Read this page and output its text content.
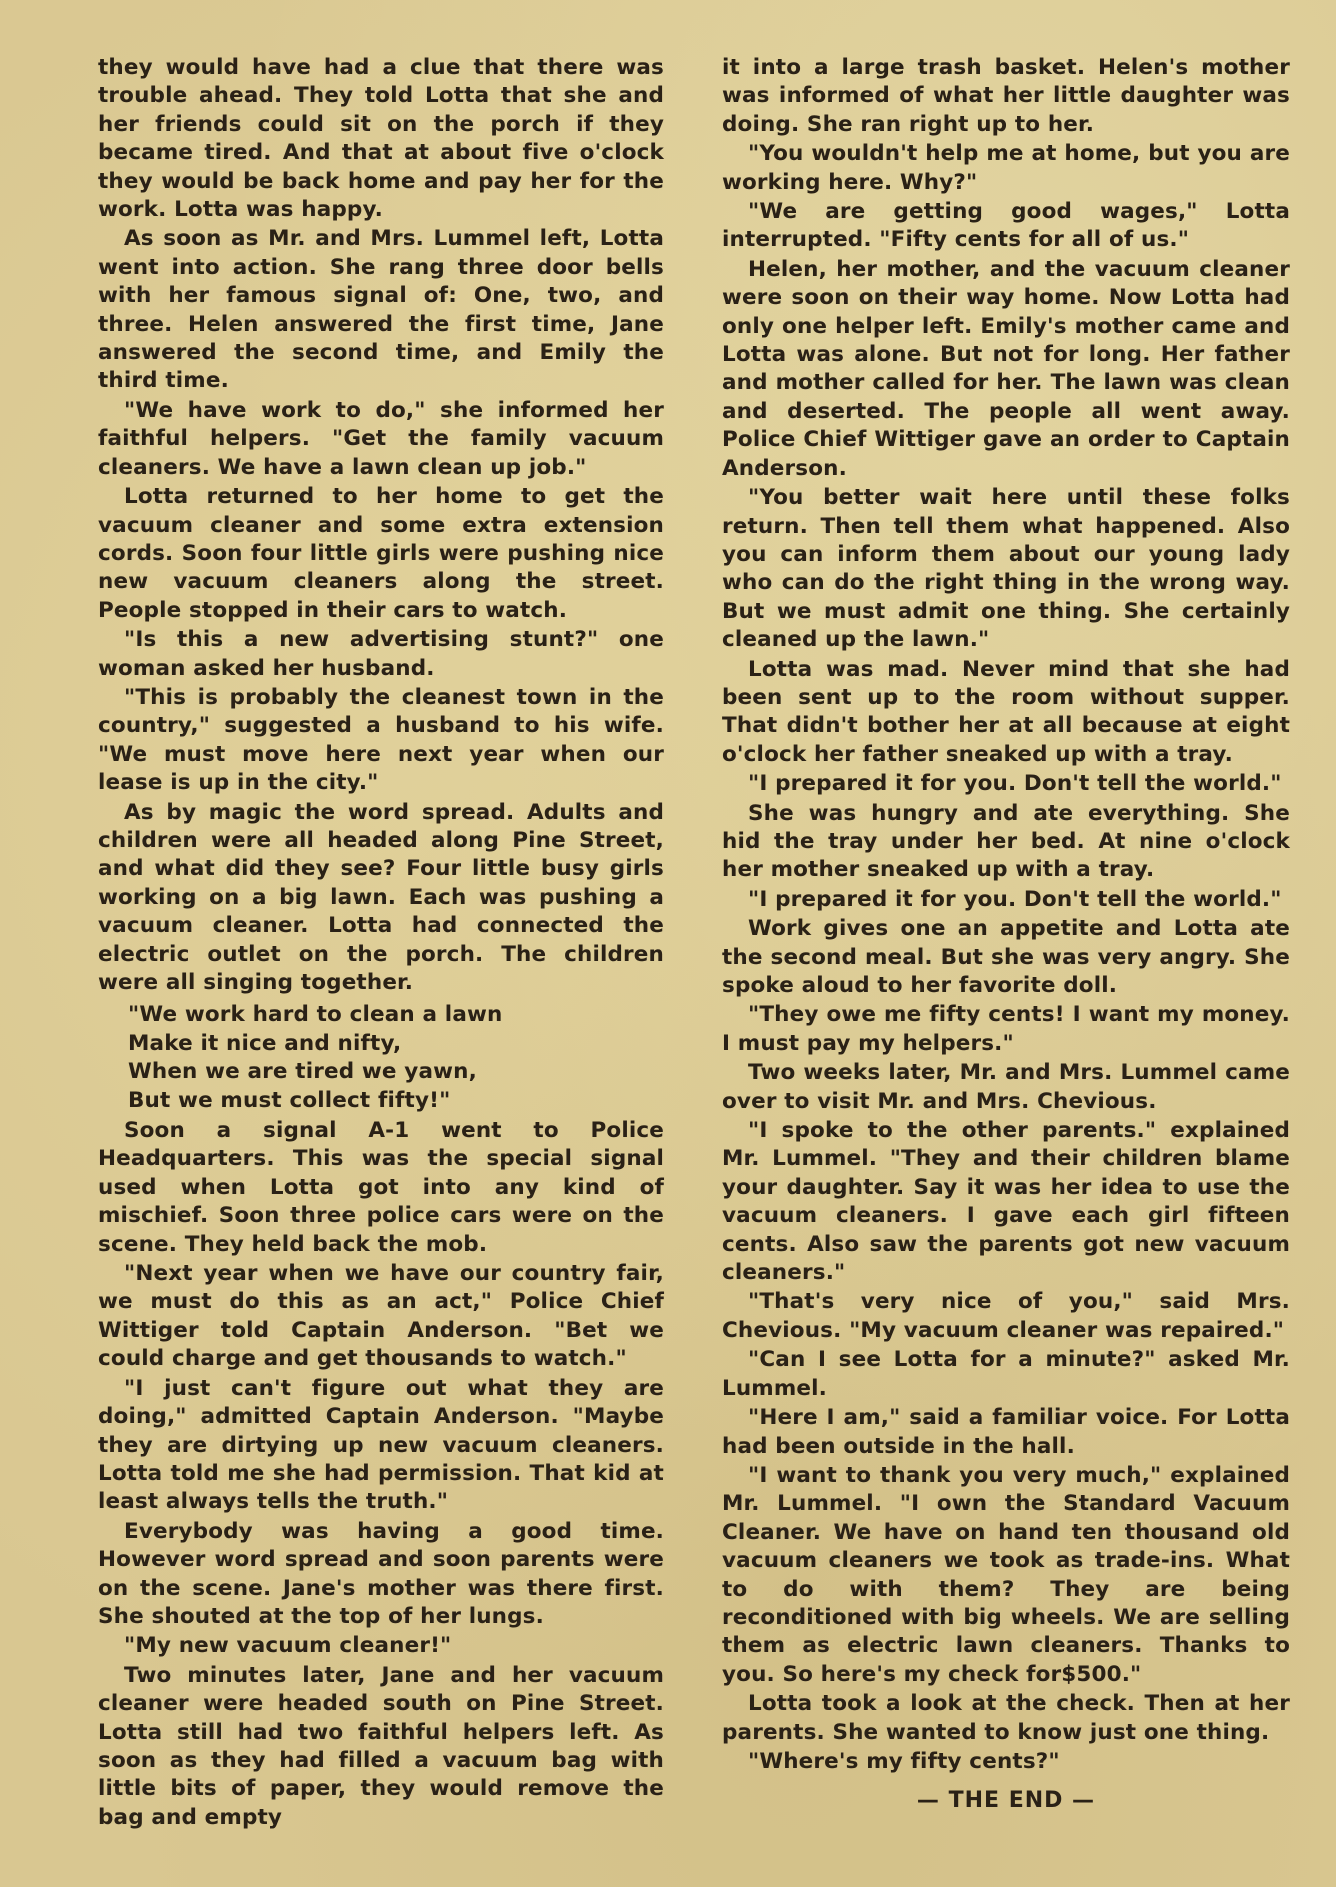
they would have had a clue that there was trouble ahead. They told Lotta that she and her friends could sit on the porch if they became tired. And that at about five o'clock they would be back home and pay her for the work. Lotta was happy.

As soon as Mr. and Mrs. Lummel left, Lotta went into action. She rang three door bells with her famous signal of: One, two, and three. Helen answered the first time, Jane answered the second time, and Emily the third time.

"We have work to do," she informed her faithful helpers. "Get the family vacuum cleaners. We have a lawn clean up job."

Lotta returned to her home to get the vacuum cleaner and some extra extension cords. Soon four little girls were pushing nice new vacuum cleaners along the street. People stopped in their cars to watch.

"Is this a new advertising stunt?" one woman asked her husband.

"This is probably the cleanest town in the country," suggested a husband to his wife. "We must move here next year when our lease is up in the city."

As by magic the word spread. Adults and children were all headed along Pine Street, and what did they see? Four little busy girls working on a big lawn. Each was pushing a vacuum cleaner. Lotta had connected the electric outlet on the porch. The children were all singing together.

"We work hard to clean a lawn

Make it nice and nifty,

When we are tired we yawn,

But we must collect fifty!"

Soon a signal A-1 went to Police Headquarters. This was the special signal used when Lotta got into any kind of mischief. Soon three police cars were on the scene. They held back the mob.

"Next year when we have our country fair, we must do this as an act," Police Chief Wittiger told Captain Anderson. "Bet we could charge and get thousands to watch."

"I just can't figure out what they are doing," admitted Captain Anderson. "Maybe they are dirtying up new vacuum cleaners. Lotta told me she had permission. That kid at least always tells the truth."

Everybody was having a good time. However word spread and soon parents were on the scene. Jane's mother was there first. She shouted at the top of her lungs.

"My new vacuum cleaner!"

Two minutes later, Jane and her vacuum cleaner were headed south on Pine Street. Lotta still had two faithful helpers left. As soon as they had filled a vacuum bag with little bits of paper, they would remove the bag and empty

it into a large trash basket. Helen's mother was informed of what her little daughter was doing. She ran right up to her.

"You wouldn't help me at home, but you are working here. Why?"

"We are getting good wages," Lotta interrupted. "Fifty cents for all of us."

Helen, her mother, and the vacuum cleaner were soon on their way home. Now Lotta had only one helper left. Emily's mother came and Lotta was alone. But not for long. Her father and mother called for her. The lawn was clean and deserted. The people all went away. Police Chief Wittiger gave an order to Captain Anderson.

"You better wait here until these folks return. Then tell them what happened. Also you can inform them about our young lady who can do the right thing in the wrong way. But we must admit one thing. She certainly cleaned up the lawn."

Lotta was mad. Never mind that she had been sent up to the room without supper. That didn't bother her at all because at eight o'clock her father sneaked up with a tray.

"I prepared it for you. Don't tell the world."

She was hungry and ate everything. She hid the tray under her bed. At nine o'clock her mother sneaked up with a tray.

"I prepared it for you. Don't tell the world."

Work gives one an appetite and Lotta ate the second meal. But she was very angry. She spoke aloud to her favorite doll.

"They owe me fifty cents! I want my money. I must pay my helpers."

Two weeks later, Mr. and Mrs. Lummel came over to visit Mr. and Mrs. Chevious.

"I spoke to the other parents." explained Mr. Lummel. "They and their children blame your daughter. Say it was her idea to use the vacuum cleaners. I gave each girl fifteen cents. Also saw the parents got new vacuum cleaners."

"That's very nice of you," said Mrs. Chevious. "My vacuum cleaner was repaired."

"Can I see Lotta for a minute?" asked Mr. Lummel.

"Here I am," said a familiar voice. For Lotta had been outside in the hall.

"I want to thank you very much," explained Mr. Lummel. "I own the Standard Vacuum Cleaner. We have on hand ten thousand old vacuum cleaners we took as trade-ins. What to do with them? They are being reconditioned with big wheels. We are selling them as electric lawn cleaners. Thanks to you. So here's my check for$500."

Lotta took a look at the check. Then at her parents. She wanted to know just one thing.

"Where's my fifty cents?"

— THE END —
